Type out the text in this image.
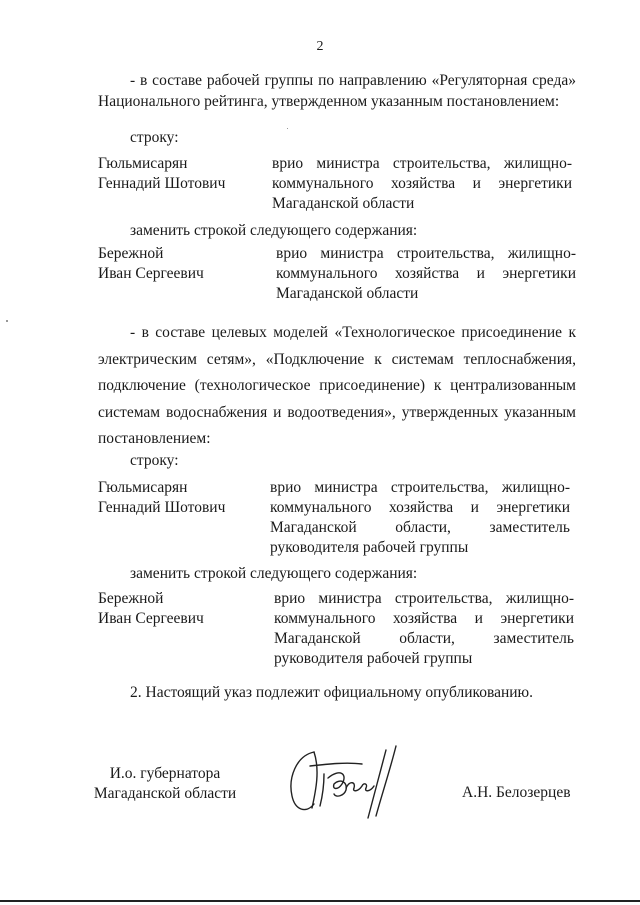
2
- в составе рабочей группы по направлению «Регуляторная среда» Национального рейтинга, утвержденном указанным постановлением:
строку:
Гюльмисарян
Геннадий Шотович
врио министра строительства, жилищно-коммунального хозяйства и энергетики
Магаданской области
заменить строкой следующего содержания:
Бережной
Иван Сергеевич
врио министра строительства, жилищно-коммунального хозяйства и энергетики
Магаданской области
- в составе целевых моделей «Технологическое присоединение к электрическим сетям», «Подключение к системам теплоснабжения, подключение (технологическое присоединение) к централизованным системам водоснабжения и водоотведения», утвержденных указанным постановлением:
строку:
Гюльмисарян
Геннадий Шотович
врио министра строительства, жилищно-коммунального хозяйства и энергетики Магаданской области, заместитель
руководителя рабочей группы
заменить строкой следующего содержания:
Бережной
Иван Сергеевич
врио министра строительства, жилищно-коммунального хозяйства и энергетики Магаданской области, заместитель
руководителя рабочей группы
2. Настоящий указ подлежит официальному опубликованию.
И.о. губернатора
Магаданской области	А.Н. Белозерцев
